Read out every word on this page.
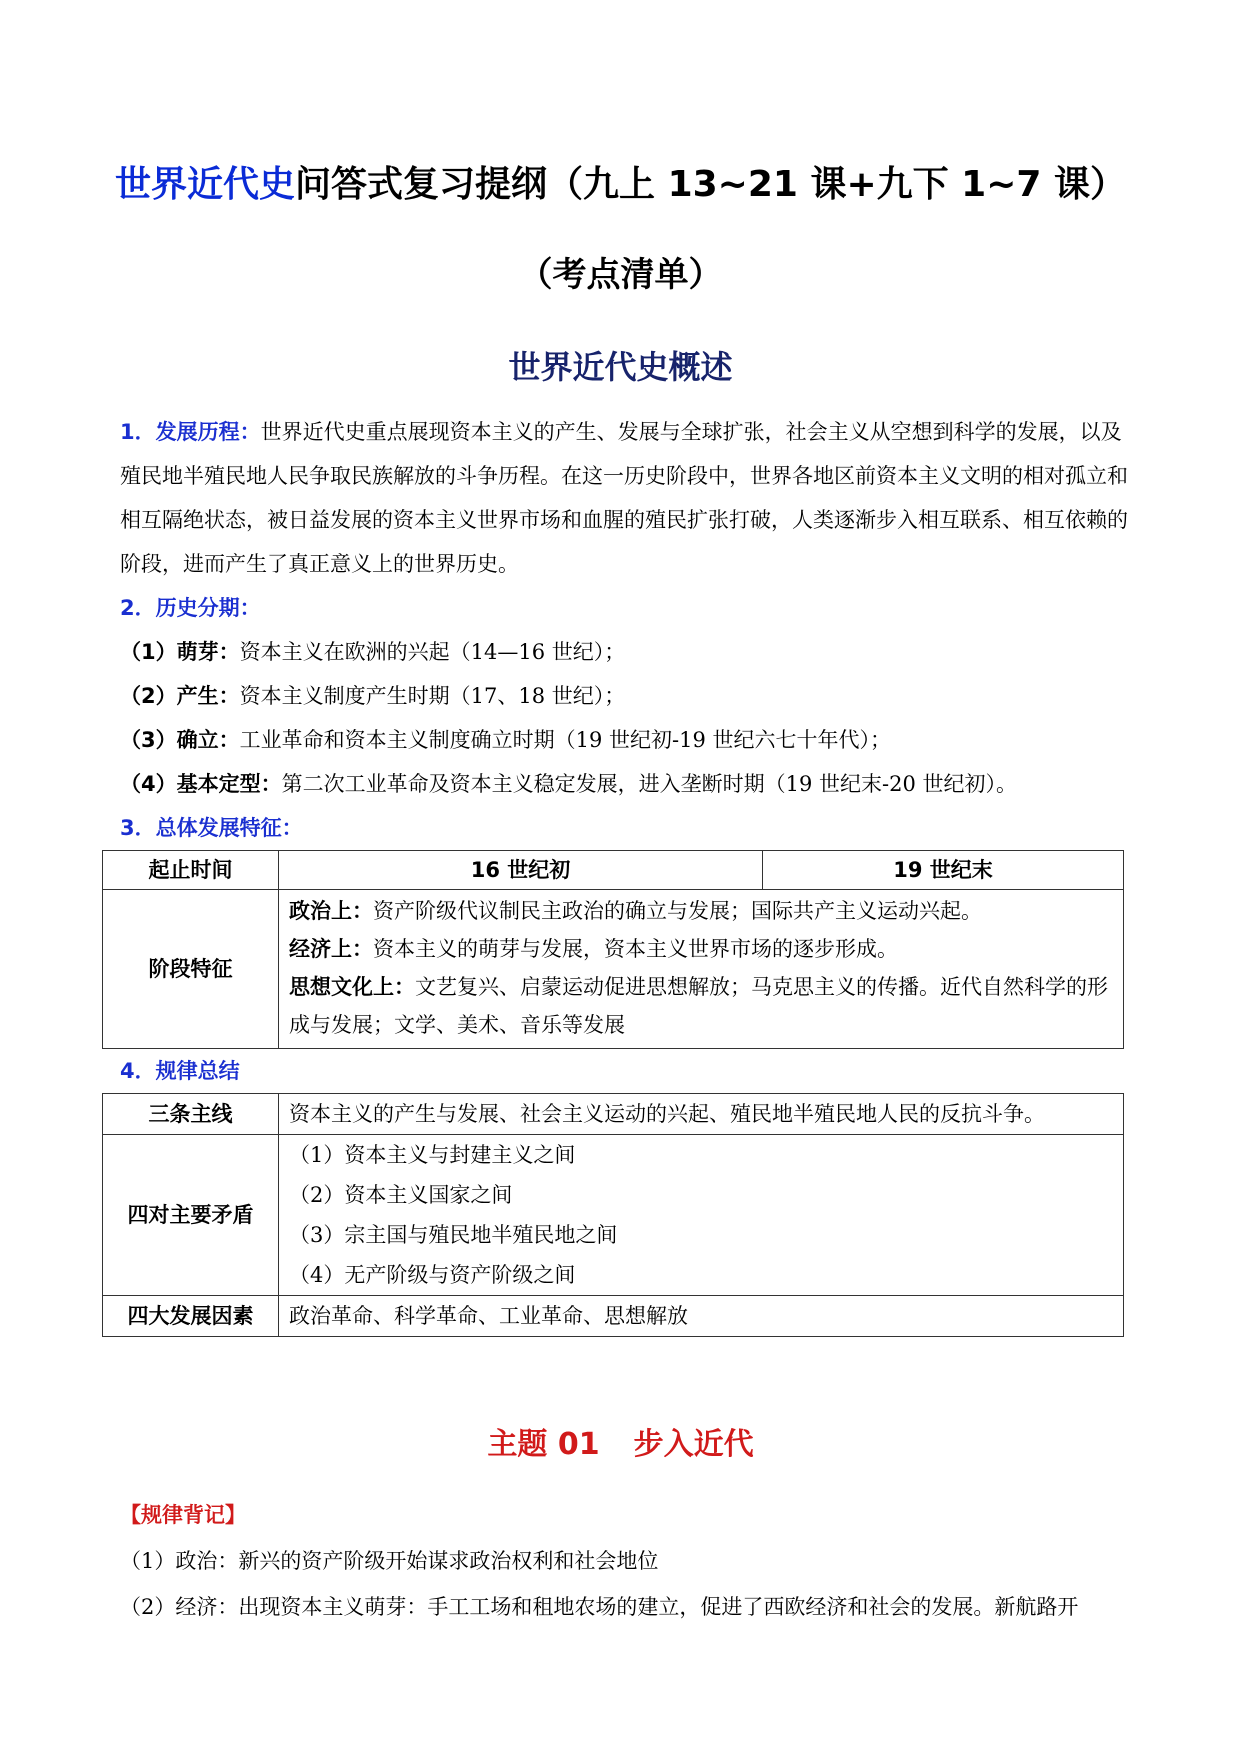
世界近代史问答式复习提纲（九上 13~21 课+九下 1~7 课）
（考点清单）
世界近代史概述

1．发展历程：世界近代史重点展现资本主义的产生、发展与全球扩张，社会主义从空想到科学的发展，以及殖民地半殖民地人民争取民族解放的斗争历程。在这一历史阶段中，世界各地区前资本主义文明的相对孤立和相互隔绝状态，被日益发展的资本主义世界市场和血腥的殖民扩张打破，人类逐渐步入相互联系、相互依赖的阶段，进而产生了真正意义上的世界历史。

2．历史分期：

（1）萌芽：资本主义在欧洲的兴起（14—16 世纪）；

（2）产生：资本主义制度产生时期（17、18 世纪）；

（3）确立：工业革命和资本主义制度确立时期（19 世纪初-19 世纪六七十年代）；

（4）基本定型：第二次工业革命及资本主义稳定发展，进入垄断时期（19 世纪末-20 世纪初）。

3．总体发展特征：

起止时间	16 世纪初	19 世纪末
阶段特征	政治上：资产阶级代议制民主政治的确立与发展；国际共产主义运动兴起。
经济上：资本主义的萌芽与发展，资本主义世界市场的逐步形成。
思想文化上：文艺复兴、启蒙运动促进思想解放；马克思主义的传播。近代自然科学的形成与发展；文学、美术、音乐等发展	

4．规律总结

三条主线	资本主义的产生与发展、社会主义运动的兴起、殖民地半殖民地人民的反抗斗争。
四对主要矛盾	（1）资本主义与封建主义之间
（2）资本主义国家之间
（3）宗主国与殖民地半殖民地之间
（4）无产阶级与资产阶级之间

四大发展因素	政治革命、科学革命、工业革命、思想解放
主题 01 步入近代

【规律背记】

（1）政治：新兴的资产阶级开始谋求政治权利和社会地位

（2）经济：出现资本主义萌芽：手工工场和租地农场的建立，促进了西欧经济和社会的发展。新航路开
